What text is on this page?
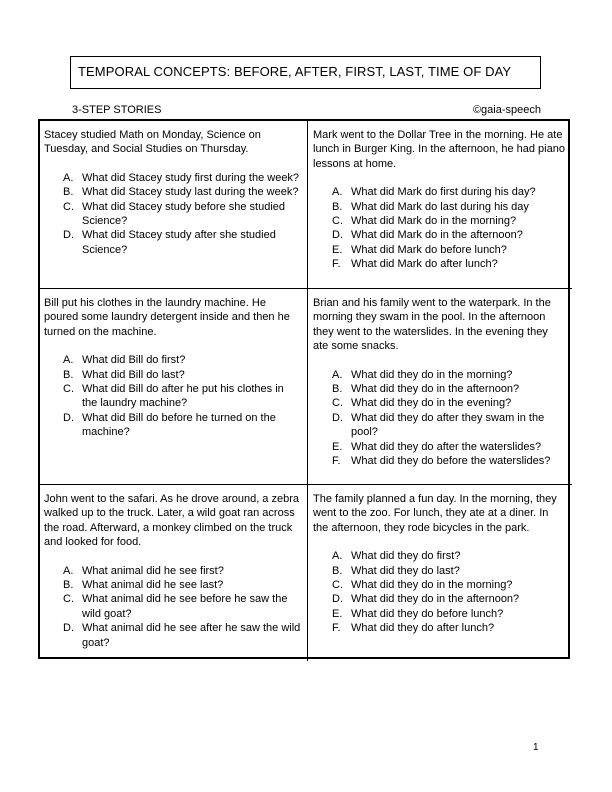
TEMPORAL CONCEPTS: BEFORE, AFTER, FIRST, LAST, TIME OF DAY
3-STEP STORIES	©gaia-speech

Stacey studied Math on Monday, Science on Tuesday, and Social Studies on Thursday.

A. What did Stacey study first during the week?
B. What did Stacey study last during the week?
C. What did Stacey study before she studied Science?
D. What did Stacey study after she studied Science?

Mark went to the Dollar Tree in the morning. He ate lunch in Burger King. In the afternoon, he had piano lessons at home.

A. What did Mark do first during his day?
B. What did Mark do last during his day
C. What did Mark do in the morning?
D. What did Mark do in the afternoon?
E. What did Mark do before lunch?
F. What did Mark do after lunch?

Bill put his clothes in the laundry machine. He poured some laundry detergent inside and then he turned on the machine.

A. What did Bill do first?
B. What did Bill do last?
C. What did Bill do after he put his clothes in the laundry machine?
D. What did Bill do before he turned on the machine?

Brian and his family went to the waterpark. In the morning they swam in the pool. In the afternoon they went to the waterslides. In the evening they ate some snacks.

A. What did they do in the morning?
B. What did they do in the afternoon?
C. What did they do in the evening?
D. What did they do after they swam in the pool?
E. What did they do after the waterslides?
F. What did they do before the waterslides?

John went to the safari. As he drove around, a zebra walked up to the truck. Later, a wild goat ran across the road. Afterward, a monkey climbed on the truck and looked for food.

A. What animal did he see first?
B. What animal did he see last?
C. What animal did he see before he saw the wild goat?
D. What animal did he see after he saw the wild goat?

The family planned a fun day. In the morning, they went to the zoo. For lunch, they ate at a diner. In the afternoon, they rode bicycles in the park.

A. What did they do first?
B. What did they do last?
C. What did they do in the morning?
D. What did they do in the afternoon?
E. What did they do before lunch?
F. What did they do after lunch?
1
